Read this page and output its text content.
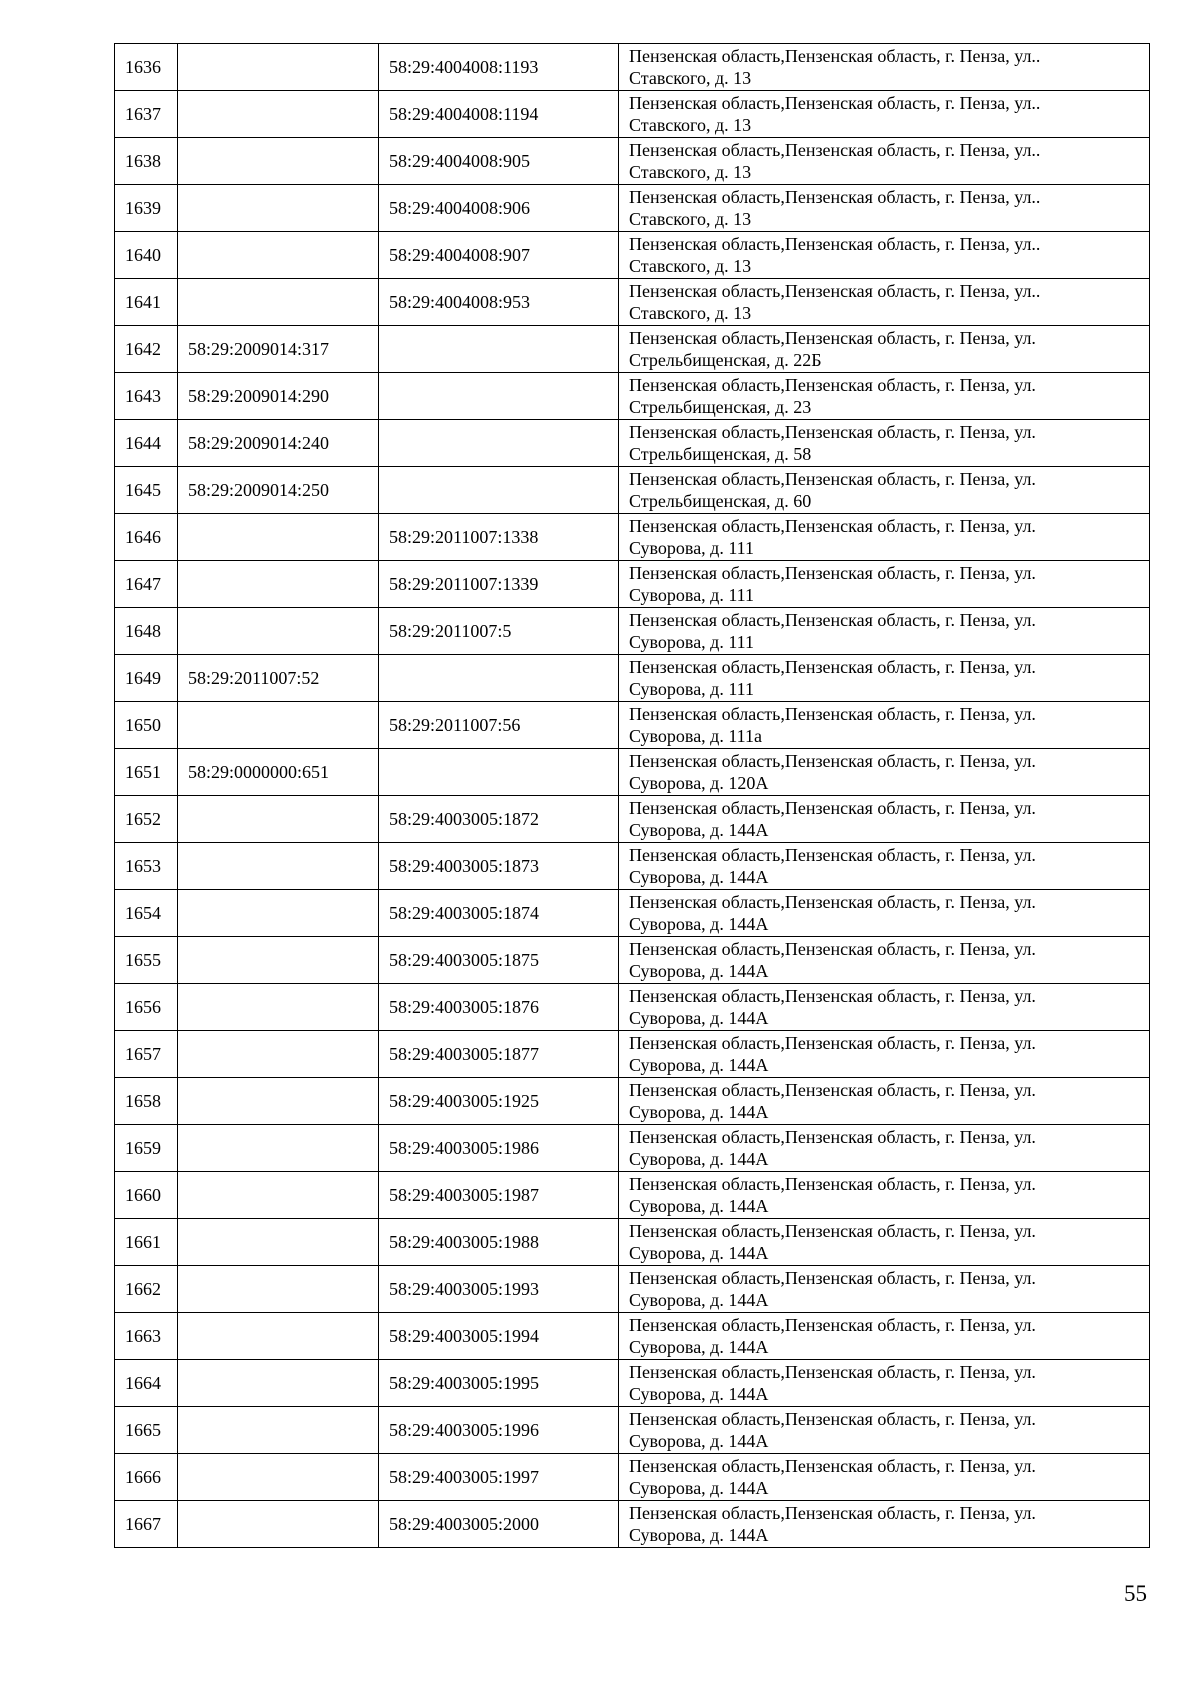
1636		58:29:4004008:1193	Пензенская область,Пензенская область, г. Пенза, ул..
Ставского, д. 13

1637		58:29:4004008:1194	Пензенская область,Пензенская область, г. Пенза, ул..
Ставского, д. 13

1638		58:29:4004008:905	Пензенская область,Пензенская область, г. Пенза, ул..
Ставского, д. 13

1639		58:29:4004008:906	Пензенская область,Пензенская область, г. Пенза, ул..
Ставского, д. 13

1640		58:29:4004008:907	Пензенская область,Пензенская область, г. Пенза, ул..
Ставского, д. 13

1641		58:29:4004008:953	Пензенская область,Пензенская область, г. Пенза, ул..
Ставского, д. 13

1642	58:29:2009014:317		Пензенская область,Пензенская область, г. Пенза, ул.
Стрельбищенская, д. 22Б

1643	58:29:2009014:290		Пензенская область,Пензенская область, г. Пенза, ул.
Стрельбищенская, д. 23

1644	58:29:2009014:240		Пензенская область,Пензенская область, г. Пенза, ул.
Стрельбищенская, д. 58

1645	58:29:2009014:250		Пензенская область,Пензенская область, г. Пенза, ул.
Стрельбищенская, д. 60

1646		58:29:2011007:1338	Пензенская область,Пензенская область, г. Пенза, ул.
Суворова, д. 111

1647		58:29:2011007:1339	Пензенская область,Пензенская область, г. Пенза, ул.
Суворова, д. 111

1648		58:29:2011007:5	Пензенская область,Пензенская область, г. Пенза, ул.
Суворова, д. 111

1649	58:29:2011007:52		Пензенская область,Пензенская область, г. Пенза, ул.
Суворова, д. 111

1650		58:29:2011007:56	Пензенская область,Пензенская область, г. Пенза, ул.
Суворова, д. 111а

1651	58:29:0000000:651		Пензенская область,Пензенская область, г. Пенза, ул.
Суворова, д. 120А

1652		58:29:4003005:1872	Пензенская область,Пензенская область, г. Пенза, ул.
Суворова, д. 144А

1653		58:29:4003005:1873	Пензенская область,Пензенская область, г. Пенза, ул.
Суворова, д. 144А

1654		58:29:4003005:1874	Пензенская область,Пензенская область, г. Пенза, ул.
Суворова, д. 144А

1655		58:29:4003005:1875	Пензенская область,Пензенская область, г. Пенза, ул.
Суворова, д. 144А

1656		58:29:4003005:1876	Пензенская область,Пензенская область, г. Пенза, ул.
Суворова, д. 144А

1657		58:29:4003005:1877	Пензенская область,Пензенская область, г. Пенза, ул.
Суворова, д. 144А

1658		58:29:4003005:1925	Пензенская область,Пензенская область, г. Пенза, ул.
Суворова, д. 144А

1659		58:29:4003005:1986	Пензенская область,Пензенская область, г. Пенза, ул.
Суворова, д. 144А

1660		58:29:4003005:1987	Пензенская область,Пензенская область, г. Пенза, ул.
Суворова, д. 144А

1661		58:29:4003005:1988	Пензенская область,Пензенская область, г. Пенза, ул.
Суворова, д. 144А

1662		58:29:4003005:1993	Пензенская область,Пензенская область, г. Пенза, ул.
Суворова, д. 144А

1663		58:29:4003005:1994	Пензенская область,Пензенская область, г. Пенза, ул.
Суворова, д. 144А

1664		58:29:4003005:1995	Пензенская область,Пензенская область, г. Пенза, ул.
Суворова, д. 144А

1665		58:29:4003005:1996	Пензенская область,Пензенская область, г. Пенза, ул.
Суворова, д. 144А

1666		58:29:4003005:1997	Пензенская область,Пензенская область, г. Пенза, ул.
Суворова, д. 144А

1667		58:29:4003005:2000	Пензенская область,Пензенская область, г. Пенза, ул.
Суворова, д. 144А
55
